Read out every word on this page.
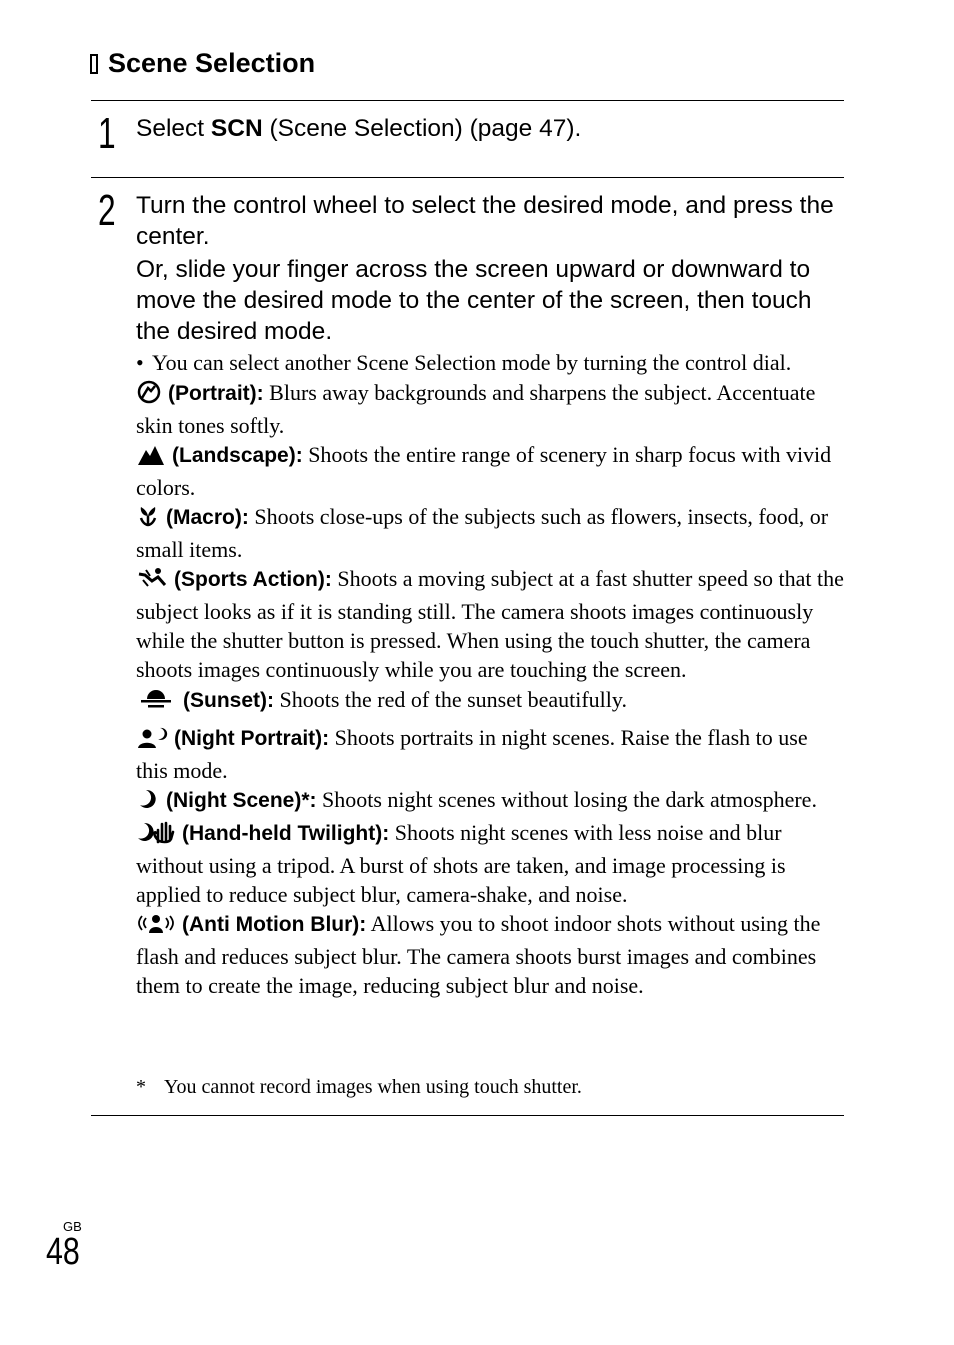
Scene Selection
1 Select SCN (Scene Selection) (page 47).

2 Turn the control wheel to select the desired mode, and press the center.

Or, slide your finger across the screen upward or downward to move the desired mode to the center of the screen, then touch the desired mode.

• You can select another Scene Selection mode by turning the control dial.

(Portrait): Blurs away backgrounds and sharpens the subject. Accentuate skin tones softly.

(Landscape): Shoots the entire range of scenery in sharp focus with vivid colors.

(Macro): Shoots close-ups of the subjects such as flowers, insects, food, or small items.

(Sports Action): Shoots a moving subject at a fast shutter speed so that the subject looks as if it is standing still. The camera shoots images continuously while the shutter button is pressed. When using the touch shutter, the camera shoots images continuously while you are touching the screen.

(Sunset): Shoots the red of the sunset beautifully.

(Night Portrait): Shoots portraits in night scenes. Raise the flash to use this mode.

(Night Scene)*: Shoots night scenes without losing the dark atmosphere.

(Hand-held Twilight): Shoots night scenes with less noise and blur without using a tripod. A burst of shots are taken, and image processing is applied to reduce subject blur, camera-shake, and noise.

(Anti Motion Blur): Allows you to shoot indoor shots without using the flash and reduces subject blur. The camera shoots burst images and combines them to create the image, reducing subject blur and noise.

* You cannot record images when using touch shutter.
GB
48
